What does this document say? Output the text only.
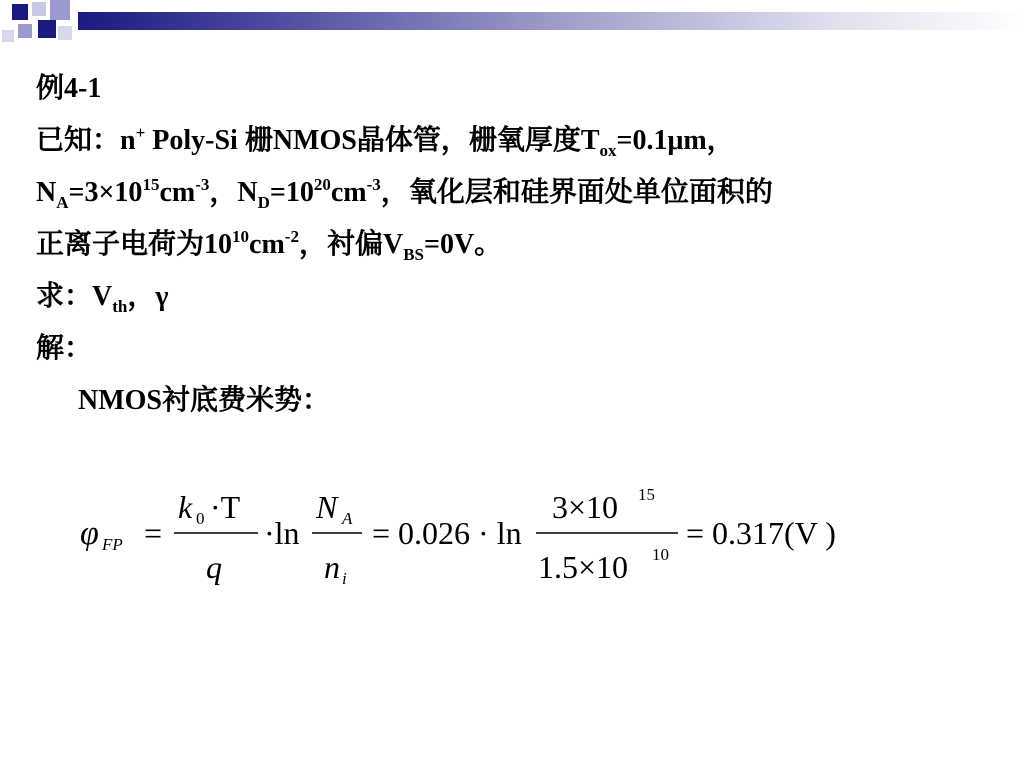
例4-1
已知：n+ Poly-Si 栅NMOS晶体管，栅氧厚度$T_{ox}=0.1\mu m$，
$N_A=3\times 10^{15}cm^{-3}$，$N_D=10^{20}cm^{-3}$，氧化层和硅界面处单位面积的
正离子电荷为$10^{10}cm^{-2}$，衬偏$V_{BS}=0V$。
求：$V_{th}$，γ
解：
NMOS衬底费米势：
φ FP =
k 0 ·T
q
·ln
N A
n i
= 0.026 · ln
3×10 15
1.5×10 10
= 0.317(V )
